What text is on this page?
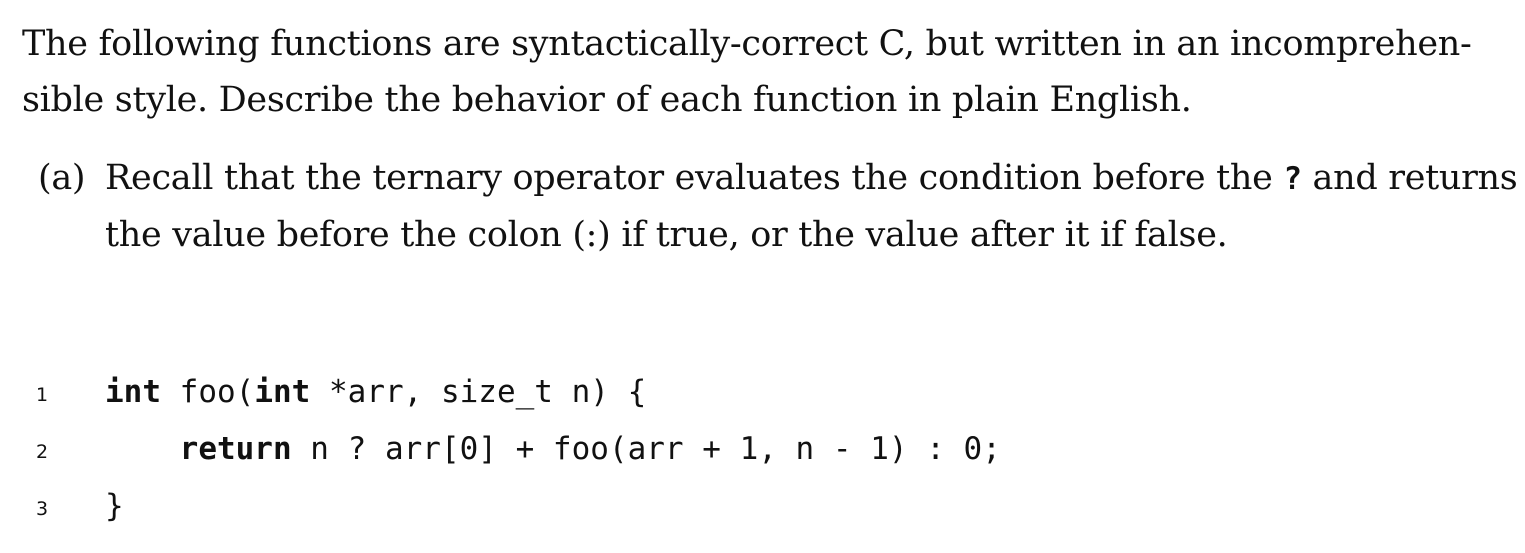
The following functions are syntactically-correct C, but written in an incomprehen-
sible style. Describe the behavior of each function in plain English.
(a) Recall that the ternary operator evaluates the condition before the ? and returns
the value before the colon (:) if true, or the value after it if false.
1 int foo(int *arr, size_t n) {
2	return n ? arr[0] + foo(arr + 1, n - 1) : 0;
3 }
